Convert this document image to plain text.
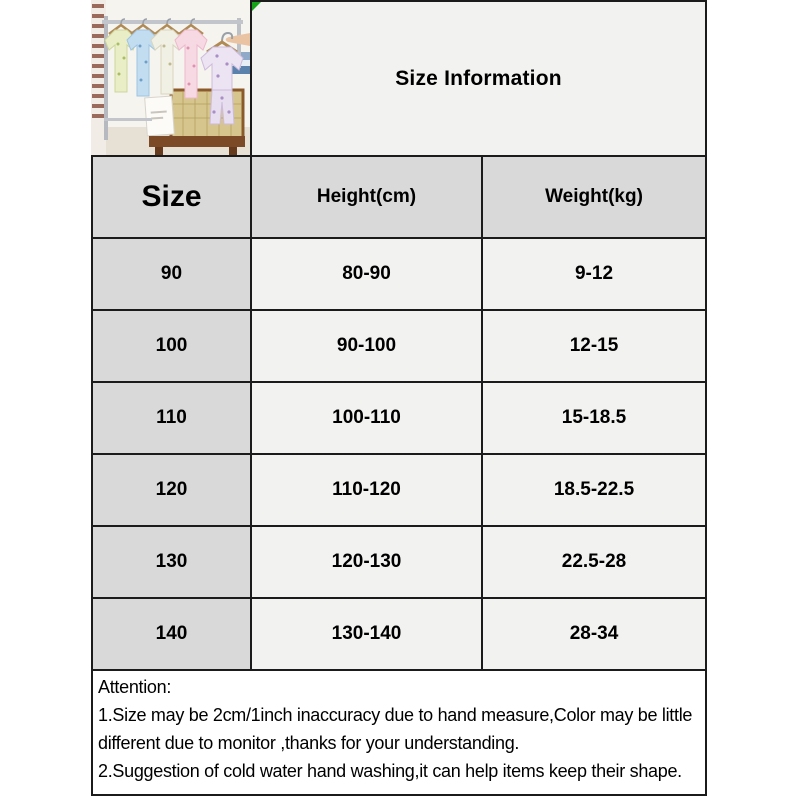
Size Information
Size	Height(cm)	Weight(kg)
90	80-90	9-12
100	90-100	12-15
110	100-110	15-18.5
120	110-120	18.5-22.5
130	120-130	22.5-28
140	130-140	28-34
Attention:
1.Size may be 2cm/1inch inaccuracy due to hand measure,Color may be little
different due to monitor ,thanks for your understanding.
2.Suggestion of cold water hand washing,it can help items keep their shape.
